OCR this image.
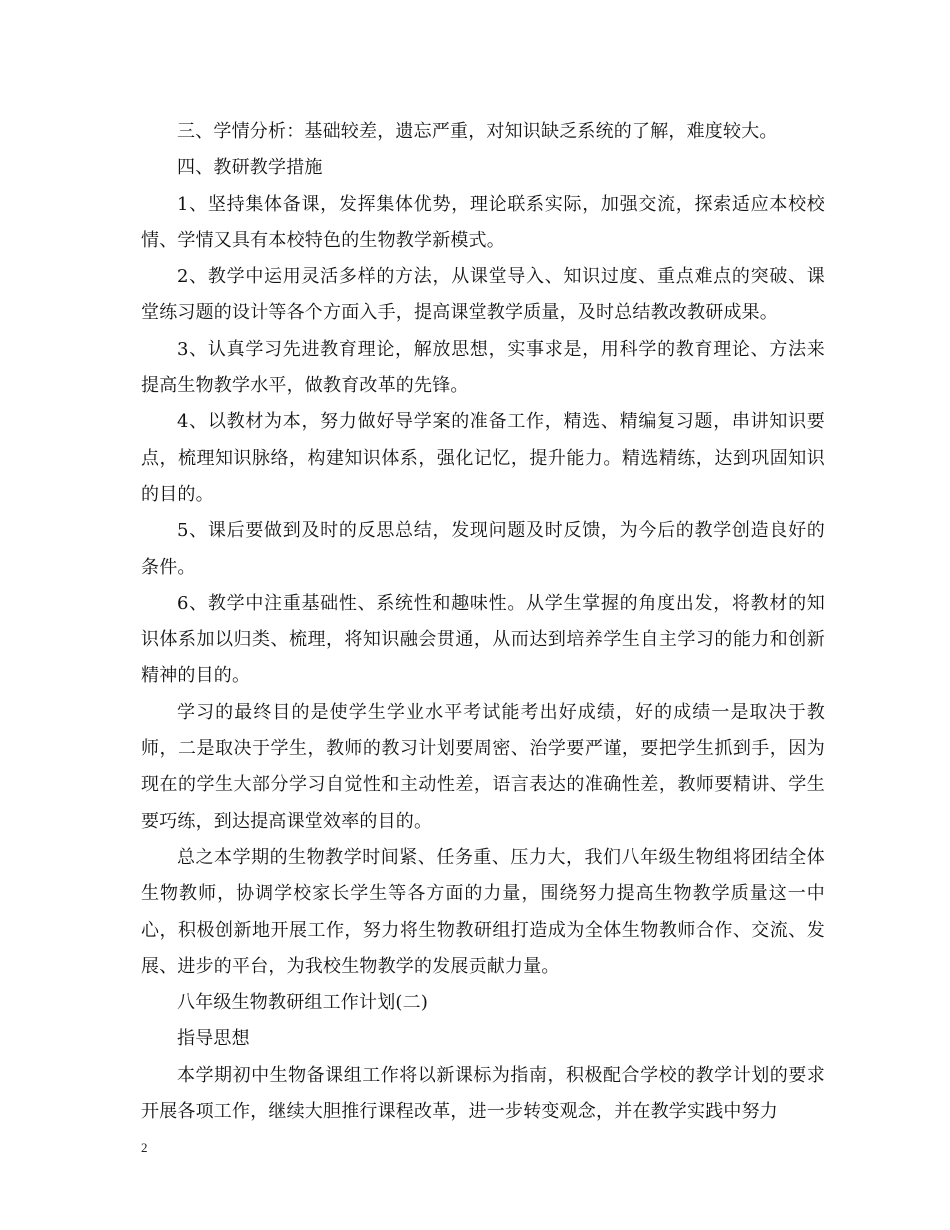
三、学情分析：基础较差，遗忘严重，对知识缺乏系统的了解，难度较大。

四、教研教学措施

1、坚持集体备课，发挥集体优势，理论联系实际，加强交流，探索适应本校校情、学情又具有本校特色的生物教学新模式。

2、教学中运用灵活多样的方法，从课堂导入、知识过度、重点难点的突破、课堂练习题的设计等各个方面入手，提高课堂教学质量，及时总结教改教研成果。

3、认真学习先进教育理论，解放思想，实事求是，用科学的教育理论、方法来提高生物教学水平，做教育改革的先锋。

4、以教材为本，努力做好导学案的准备工作，精选、精编复习题，串讲知识要点，梳理知识脉络，构建知识体系，强化记忆，提升能力。精选精练，达到巩固知识的目的。

5、课后要做到及时的反思总结，发现问题及时反馈，为今后的教学创造良好的条件。

6、教学中注重基础性、系统性和趣味性。从学生掌握的角度出发，将教材的知识体系加以归类、梳理，将知识融会贯通，从而达到培养学生自主学习的能力和创新精神的目的。

学习的最终目的是使学生学业水平考试能考出好成绩，好的成绩一是取决于教师，二是取决于学生，教师的教习计划要周密、治学要严谨，要把学生抓到手，因为现在的学生大部分学习自觉性和主动性差，语言表达的准确性差，教师要精讲、学生要巧练，到达提高课堂效率的目的。

总之本学期的生物教学时间紧、任务重、压力大，我们八年级生物组将团结全体生物教师，协调学校家长学生等各方面的力量，围绕努力提高生物教学质量这一中心，积极创新地开展工作，努力将生物教研组打造成为全体生物教师合作、交流、发展、进步的平台，为我校生物教学的发展贡献力量。

八年级生物教研组工作计划(二)

指导思想

本学期初中生物备课组工作将以新课标为指南，积极配合学校的教学计划的要求开展各项工作，继续大胆推行课程改革，进一步转变观念，并在教学实践中努力

2
